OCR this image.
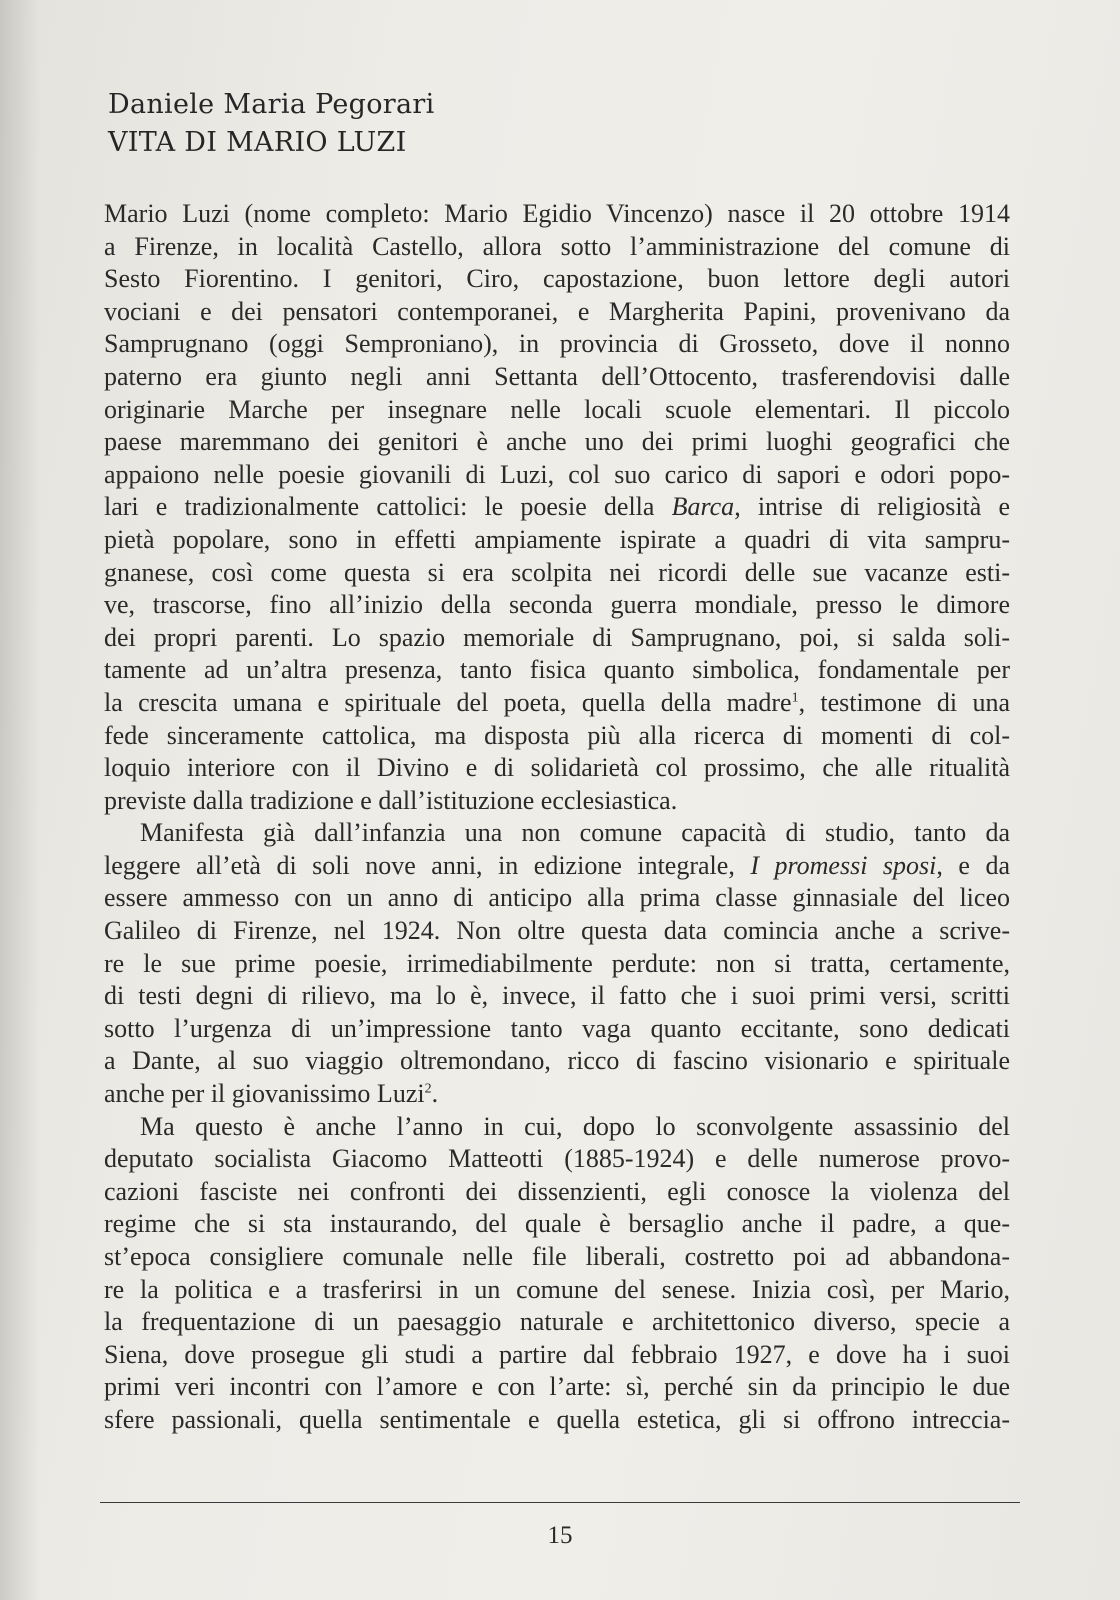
Daniele Maria Pegorari
VITA DI MARIO LUZI
Mario Luzi (nome completo: Mario Egidio Vincenzo) nasce il 20 ottobre 1914
a Firenze, in località Castello, allora sotto l’amministrazione del comune di
Sesto Fiorentino. I genitori, Ciro, capostazione, buon lettore degli autori
vociani e dei pensatori contemporanei, e Margherita Papini, provenivano da
Samprugnano (oggi Semproniano), in provincia di Grosseto, dove il nonno
paterno era giunto negli anni Settanta dell’Ottocento, trasferendovisi dalle
originarie Marche per insegnare nelle locali scuole elementari. Il piccolo
paese maremmano dei genitori è anche uno dei primi luoghi geografici che
appaiono nelle poesie giovanili di Luzi, col suo carico di sapori e odori popo-
lari e tradizionalmente cattolici: le poesie della Barca, intrise di religiosità e
pietà popolare, sono in effetti ampiamente ispirate a quadri di vita sampru-
gnanese, così come questa si era scolpita nei ricordi delle sue vacanze esti-
ve, trascorse, fino all’inizio della seconda guerra mondiale, presso le dimore
dei propri parenti. Lo spazio memoriale di Samprugnano, poi, si salda soli-
tamente ad un’altra presenza, tanto fisica quanto simbolica, fondamentale per
la crescita umana e spirituale del poeta, quella della madre$^1$, testimone di una
fede sinceramente cattolica, ma disposta più alla ricerca di momenti di col-
loquio interiore con il Divino e di solidarietà col prossimo, che alle ritualità
previste dalla tradizione e dall’istituzione ecclesiastica.
Manifesta già dall’infanzia una non comune capacità di studio, tanto da
leggere all’età di soli nove anni, in edizione integrale, I promessi sposi, e da
essere ammesso con un anno di anticipo alla prima classe ginnasiale del liceo
Galileo di Firenze, nel 1924. Non oltre questa data comincia anche a scrive-
re le sue prime poesie, irrimediabilmente perdute: non si tratta, certamente,
di testi degni di rilievo, ma lo è, invece, il fatto che i suoi primi versi, scritti
sotto l’urgenza di un’impressione tanto vaga quanto eccitante, sono dedicati
a Dante, al suo viaggio oltremondano, ricco di fascino visionario e spirituale
anche per il giovanissimo Luzi$^2$.
Ma questo è anche l’anno in cui, dopo lo sconvolgente assassinio del
deputato socialista Giacomo Matteotti (1885-1924) e delle numerose provo-
cazioni fasciste nei confronti dei dissenzienti, egli conosce la violenza del
regime che si sta instaurando, del quale è bersaglio anche il padre, a que-
st’epoca consigliere comunale nelle file liberali, costretto poi ad abbandona-
re la politica e a trasferirsi in un comune del senese. Inizia così, per Mario,
la frequentazione di un paesaggio naturale e architettonico diverso, specie a
Siena, dove prosegue gli studi a partire dal febbraio 1927, e dove ha i suoi
primi veri incontri con l’amore e con l’arte: sì, perché sin da principio le due
sfere passionali, quella sentimentale e quella estetica, gli si offrono intreccia-
15
